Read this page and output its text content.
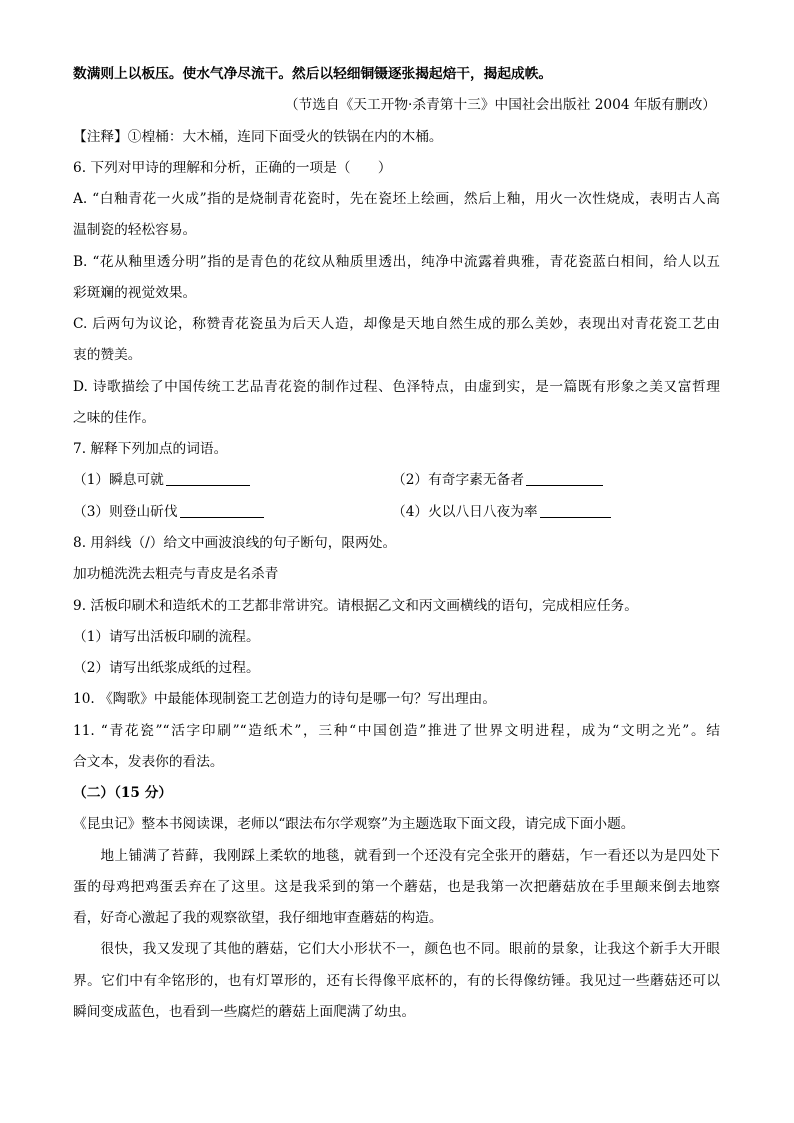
数满则上以板压。使水气净尽流干。然后以轻细铜镊逐张揭起焙干，揭起成帙。
（节选自《天工开物·杀青第十三》中国社会出版社 2004 年版有删改）
【注释】①楻桶：大木桶，连同下面受火的铁锅在内的木桶。
6. 下列对甲诗的理解和分析，正确的一项是（　　）
A. “白釉青花一火成”指的是烧制青花瓷时，先在瓷坯上绘画，然后上釉，用火一次性烧成，表明古人高
温制瓷的轻松容易。
B. “花从釉里透分明”指的是青色的花纹从釉质里透出，纯净中流露着典雅，青花瓷蓝白相间，给人以五
彩斑斓的视觉效果。
C. 后两句为议论，称赞青花瓷虽为后天人造，却像是天地自然生成的那么美妙，表现出对青花瓷工艺由
衷的赞美。
D. 诗歌描绘了中国传统工艺品青花瓷的制作过程、色泽特点，由虚到实，是一篇既有形象之美又富哲理
之味的佳作。
7. 解释下列加点的词语。
（1）瞬息可就	（2）有奇字素无备者
（3）则登山斫伐	（4）火以八日八夜为率
8. 用斜线（/）给文中画波浪线的句子断句，限两处。
加功槌洗洗去粗壳与青皮是名杀青
9. 活板印刷术和造纸术的工艺都非常讲究。请根据乙文和丙文画横线的语句，完成相应任务。
（1）请写出活板印刷的流程。
（2）请写出纸浆成纸的过程。
10. 《陶歌》中最能体现制瓷工艺创造力的诗句是哪一句？写出理由。
11. “青花瓷”“活字印刷”“造纸术”，三种“中国创造”推进了世界文明进程，成为“文明之光”。结
合文本，发表你的看法。
（二）（15 分）
《昆虫记》整本书阅读课，老师以“跟法布尔学观察”为主题选取下面文段，请完成下面小题。
地上铺满了苔藓，我刚踩上柔软的地毯，就看到一个还没有完全张开的蘑菇，乍一看还以为是四处下
蛋的母鸡把鸡蛋丢弃在了这里。这是我采到的第一个蘑菇，也是我第一次把蘑菇放在手里颠来倒去地察
看，好奇心激起了我的观察欲望，我仔细地审查蘑菇的构造。
很快，我又发现了其他的蘑菇，它们大小形状不一，颜色也不同。眼前的景象，让我这个新手大开眼
界。它们中有伞铭形的，也有灯罩形的，还有长得像平底杯的，有的长得像纺锤。我见过一些蘑菇还可以
瞬间变成蓝色，也看到一些腐烂的蘑菇上面爬满了幼虫。
